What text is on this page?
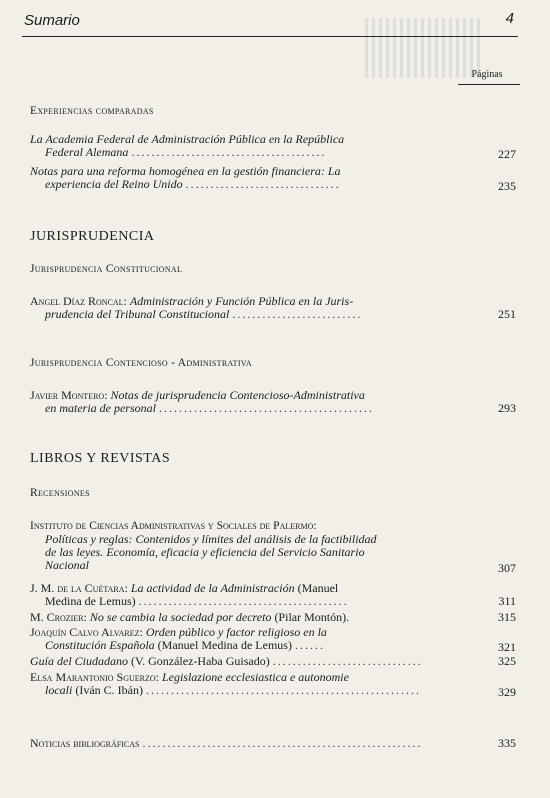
Sumario	4
Páginas
Experiencias comparadas
La Academia Federal de Administración Pública en la República
Federal Alemana .......................................	227
Notas para una reforma homogénea en la gestión financiera: La
experiencia del Reino Unido ...............................	235
JURISPRUDENCIA
Jurisprudencia Constitucional
Angel Díaz Roncal: Administración y Función Pública en la Juris-
prudencia del Tribunal Constitucional ..........................	251
Jurisprudencia Contencioso - Administrativa
Javier Montero: Notas de jurisprudencia Contencioso-Administrativa
en materia de personal ...........................................	293
LIBROS Y REVISTAS
Recensiones
Instituto de Ciencias Administrativas y Sociales de Palermo:
Políticas y reglas: Contenidos y límites del análisis de la factibilidad
de las leyes. Economía, eficacia y eficiencia del Servicio Sanitario
Nacional	307
J. M. de la Cuétara: La actividad de la Administración (Manuel
Medina de Lemus) ..........................................	311
M. Crozier: No se cambia la sociedad por decreto (Pilar Montón).	315
Joaquín Calvo Alvarez: Orden público y factor religioso en la
Constitución Española (Manuel Medina de Lemus) ......	321
Guía del Ciudadano (V. González-Haba Guisado) ..............................	325
Elsa Marantonio Sguerzo: Legislazione ecclesiastica e autonomie
locali (Iván C. Ibán) .......................................................	329
Noticias bibliográficas ........................................................	335
